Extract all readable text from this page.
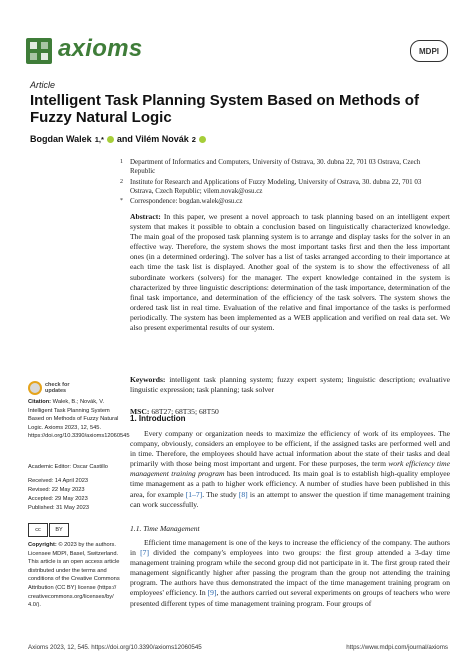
axioms	MDPI
Article
Intelligent Task Planning System Based on Methods of Fuzzy Natural Logic
Bogdan Walek 1,* and Vilém Novák 2
1 Department of Informatics and Computers, University of Ostrava, 30. dubna 22, 701 03 Ostrava, Czech Republic
2 Institute for Research and Applications of Fuzzy Modeling, University of Ostrava, 30. dubna 22, 701 03 Ostrava, Czech Republic; vilem.novak@osu.cz
* Correspondence: bogdan.walek@osu.cz
Abstract: In this paper, we present a novel approach to task planning based on an intelligent expert system that makes it possible to obtain a conclusion based on linguistically characterized knowledge. The main goal of the proposed task planning system is to arrange and display tasks for the solver in an effective way. Therefore, the system shows the most important tasks first and then the less important ones (in a determined ordering). The solver has a list of tasks arranged according to their importance at each time the task list is displayed. Another goal of the system is to show the effectiveness of all subordinate workers (solvers) for the manager. The expert knowledge contained in the system is characterized by three linguistic descriptions: determination of the task importance, determination of the final task importance, and determination of the efficiency of the task solvers. The system shows the ordered task list in real time. Evaluation of the relative and final importance of the tasks is performed periodically. The system has been implemented as a WEB application and verified on real data set. We also present experimental results of our system.
Keywords: intelligent task planning system; fuzzy expert system; linguistic description; evaluative linguistic expression; task planning; task solver
MSC: 68T27; 68T35; 68T50
check for
updates
Citation: Walek, B.; Novák, V. Intelligent Task Planning System Based on Methods of Fuzzy Natural Logic. Axioms 2023, 12, 545. https://doi.org/10.3390/axioms12060545
Academic Editor: Oscar Castillo
Received: 14 April 2023
Revised: 22 May 2023
Accepted: 29 May 2023
Published: 31 May 2023
cc	BY
Copyright: © 2023 by the authors. Licensee MDPI, Basel, Switzerland. This article is an open access article distributed under the terms and conditions of the Creative Commons Attribution (CC BY) license (https:// creativecommons.org/licenses/by/ 4.0/).
1. Introduction
Every company or organization needs to maximize the efficiency of work of its employees. The company, obviously, considers an employee to be efficient, if the assigned tasks are performed well and in time. Therefore, the employees should have actual information about the state of their tasks and deal primarily with those being most important and urgent. For these purposes, the term work efficiency time management training program has been introduced. Its main goal is to establish high-quality employee time management as a path to higher work efficiency. A number of studies have been published in this area, for example [1–7]. The study [8] is an attempt to answer the question if time management training can work successfully.
1.1. Time Management
Efficient time management is one of the keys to increase the efficiency of the company. The authors in [7] divided the company's employees into two groups: the first group attended a 3-day time management training program while the second group did not participate in it. The first group rated their management significantly higher after passing the program than the group not attending the training program. The authors have thus demonstrated the impact of the time management training program on employees' efficiency. In [9], the authors carried out several experiments on groups of teachers who were presented different types of time management training program. Four groups of
Axioms 2023, 12, 545. https://doi.org/10.3390/axioms12060545	https://www.mdpi.com/journal/axioms
